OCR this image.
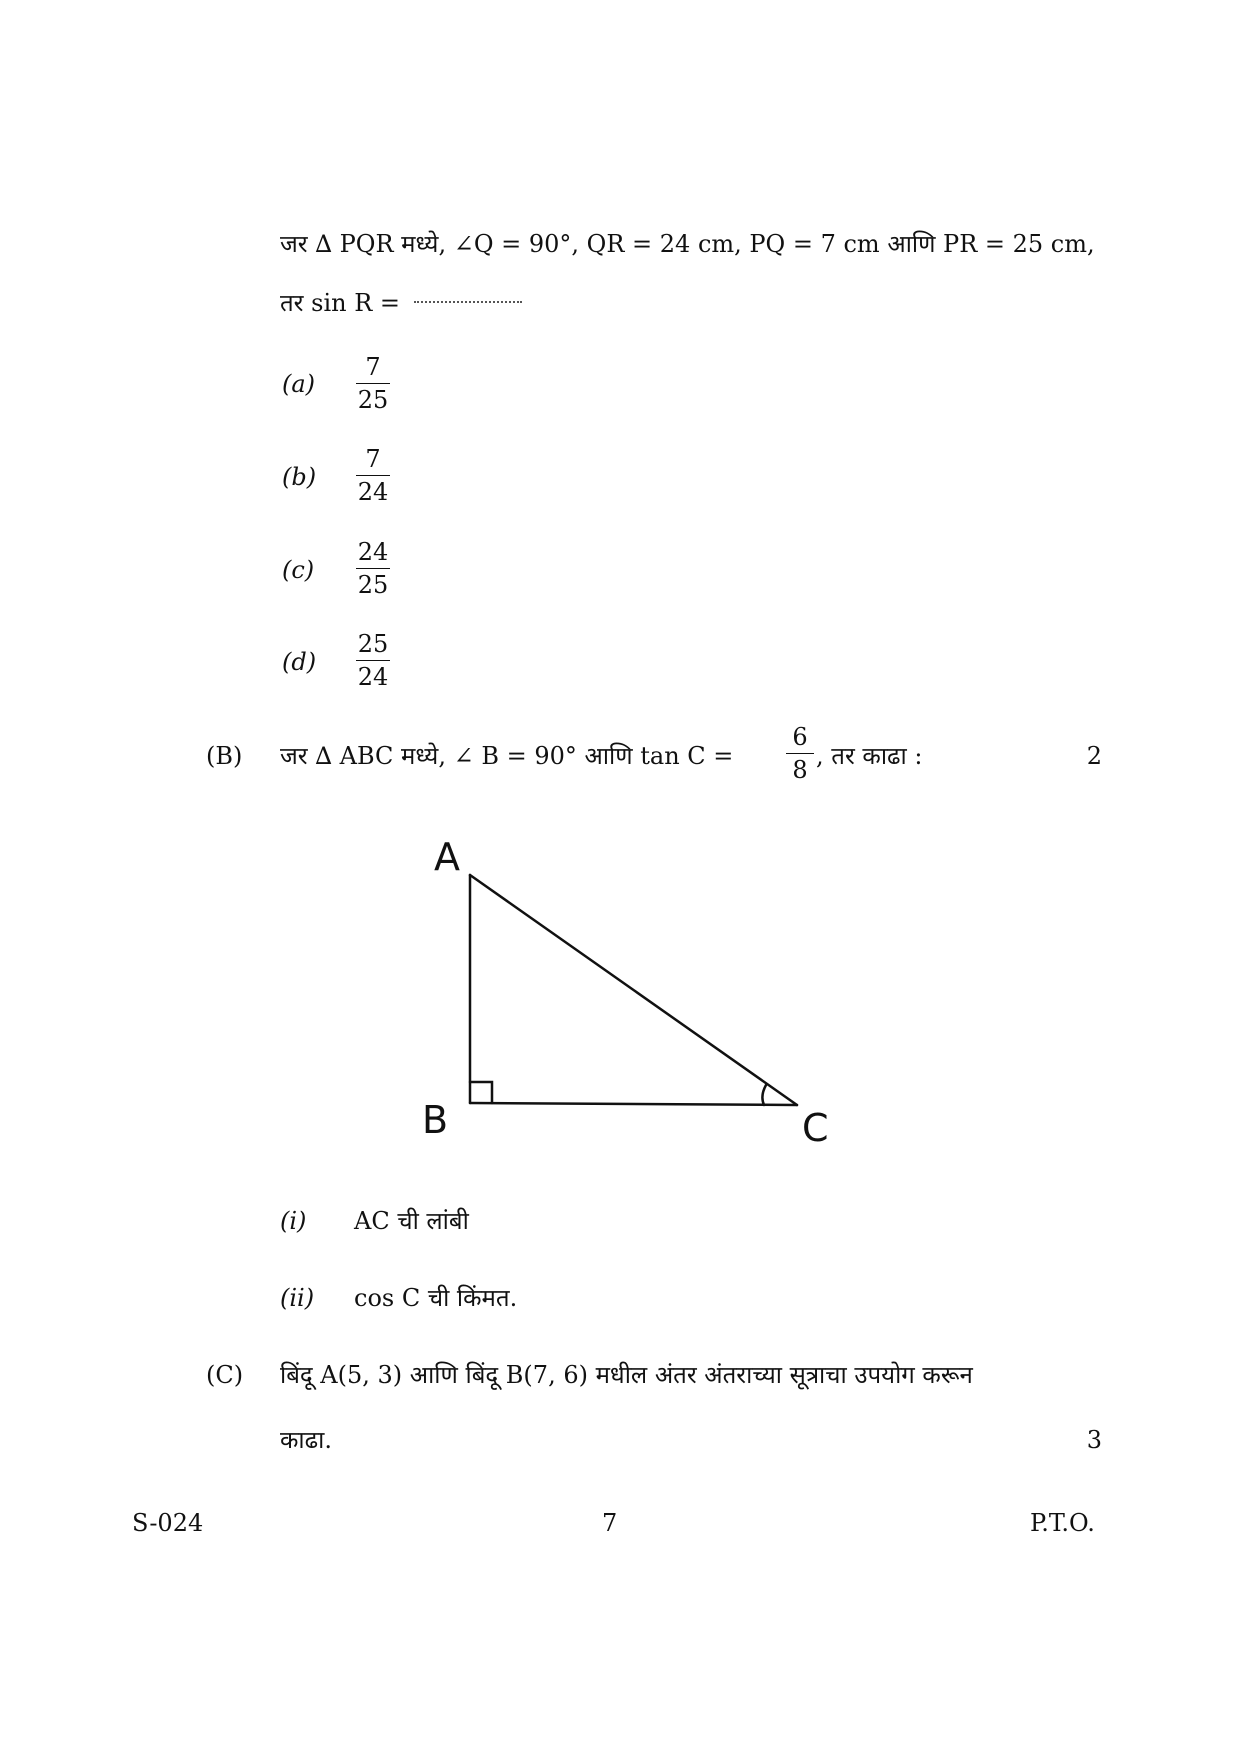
जर ∆ PQR मध्ये, ∠Q = 90°, QR = 24 cm, PQ = 7 cm आणि PR = 25 cm,
तर sin R =
(a)
7
25
(b)
7
24
(c)
24
25
(d)
25
24
(B) जर ∆ ABC मध्ये, ∠ B = 90° आणि tan C =
6
8 , तर काढा :	2
A
B	C
(i) AC ची लांबी
(ii) cos C ची किंमत.
(C) बिंदू A(5, 3) आणि बिंदू B(7, 6) मधील अंतर अंतराच्या सूत्राचा उपयोग करून
काढा.	3
S-024	7	P.T.O.
